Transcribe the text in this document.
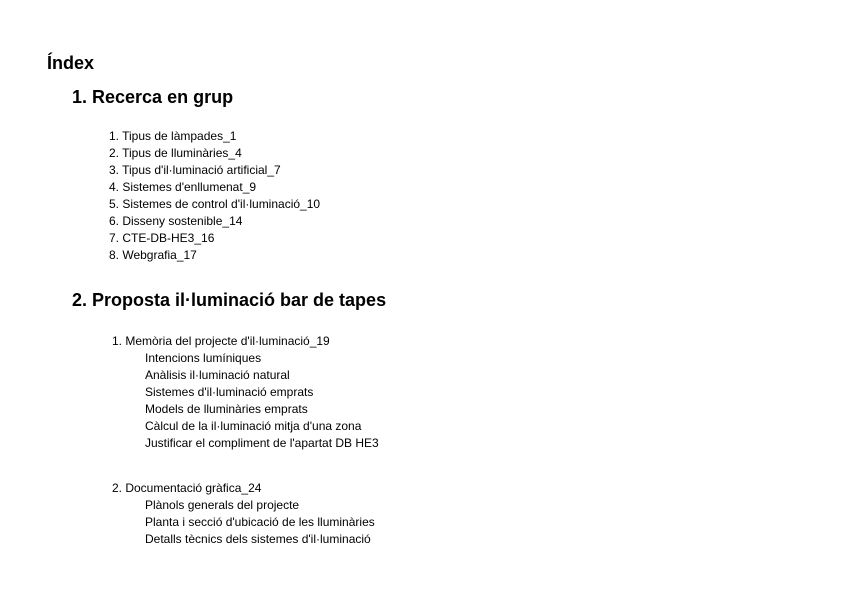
Índex
1. Recerca en grup
1. Tipus de làmpades_1
2. Tipus de lluminàries_4
3. Tipus d'il·luminació artificial_7
4. Sistemes d'enllumenat_9
5. Sistemes de control d'il·luminació_10
6. Disseny sostenible_14
7. CTE-DB-HE3_16
8. Webgrafia_17
2. Proposta il·luminació bar de tapes
1. Memòria del projecte d'il·luminació_19
Intencions lumíniques
Anàlisis il·luminació natural
Sistemes d'il·luminació emprats
Models de lluminàries emprats
Càlcul de la il·luminació mitja d'una zona
Justificar el compliment de l'apartat DB HE3
2. Documentació gràfica_24
Plànols generals del projecte
Planta i secció d'ubicació de les lluminàries
Detalls tècnics dels sistemes d'il·luminació
